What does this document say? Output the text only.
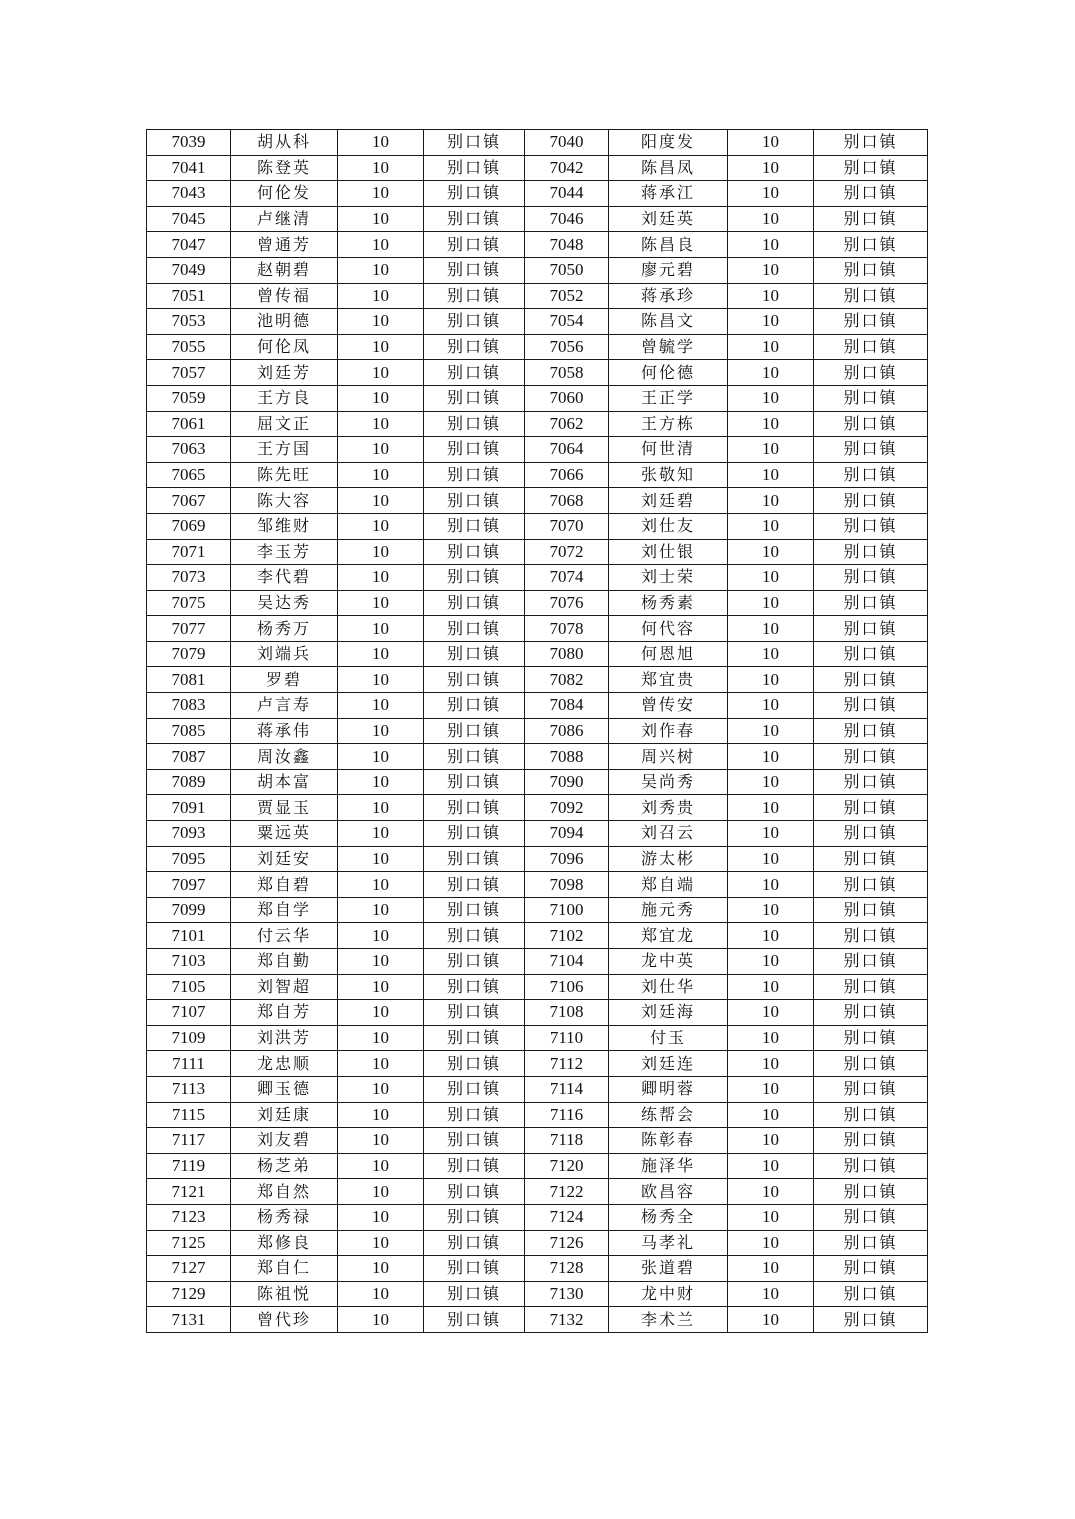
7039	胡从科	10	别口镇	7040	阳度发	10	别口镇
7041	陈登英	10	别口镇	7042	陈昌凤	10	别口镇
7043	何伦发	10	别口镇	7044	蒋承江	10	别口镇
7045	卢继清	10	别口镇	7046	刘廷英	10	别口镇
7047	曾通芳	10	别口镇	7048	陈昌良	10	别口镇
7049	赵朝碧	10	别口镇	7050	廖元碧	10	别口镇
7051	曾传福	10	别口镇	7052	蒋承珍	10	别口镇
7053	池明德	10	别口镇	7054	陈昌文	10	别口镇
7055	何伦凤	10	别口镇	7056	曾毓学	10	别口镇
7057	刘廷芳	10	别口镇	7058	何伦德	10	别口镇
7059	王方良	10	别口镇	7060	王正学	10	别口镇
7061	屈文正	10	别口镇	7062	王方栋	10	别口镇
7063	王方国	10	别口镇	7064	何世清	10	别口镇
7065	陈先旺	10	别口镇	7066	张敬知	10	别口镇
7067	陈大容	10	别口镇	7068	刘廷碧	10	别口镇
7069	邹维财	10	别口镇	7070	刘仕友	10	别口镇
7071	李玉芳	10	别口镇	7072	刘仕银	10	别口镇
7073	李代碧	10	别口镇	7074	刘士荣	10	别口镇
7075	吴达秀	10	别口镇	7076	杨秀素	10	别口镇
7077	杨秀万	10	别口镇	7078	何代容	10	别口镇
7079	刘端兵	10	别口镇	7080	何恩旭	10	别口镇
7081	罗碧	10	别口镇	7082	郑宜贵	10	别口镇
7083	卢言寿	10	别口镇	7084	曾传安	10	别口镇
7085	蒋承伟	10	别口镇	7086	刘作春	10	别口镇
7087	周汝鑫	10	别口镇	7088	周兴树	10	别口镇
7089	胡本富	10	别口镇	7090	吴尚秀	10	别口镇
7091	贾显玉	10	别口镇	7092	刘秀贵	10	别口镇
7093	粟远英	10	别口镇	7094	刘召云	10	别口镇
7095	刘廷安	10	别口镇	7096	游太彬	10	别口镇
7097	郑自碧	10	别口镇	7098	郑自端	10	别口镇
7099	郑自学	10	别口镇	7100	施元秀	10	别口镇
7101	付云华	10	别口镇	7102	郑宜龙	10	别口镇
7103	郑自勤	10	别口镇	7104	龙中英	10	别口镇
7105	刘智超	10	别口镇	7106	刘仕华	10	别口镇
7107	郑自芳	10	别口镇	7108	刘廷海	10	别口镇
7109	刘洪芳	10	别口镇	7110	付玉	10	别口镇
7111	龙忠顺	10	别口镇	7112	刘廷连	10	别口镇
7113	卿玉德	10	别口镇	7114	卿明蓉	10	别口镇
7115	刘廷康	10	别口镇	7116	练帮会	10	别口镇
7117	刘友碧	10	别口镇	7118	陈彰春	10	别口镇
7119	杨芝弟	10	别口镇	7120	施泽华	10	别口镇
7121	郑自然	10	别口镇	7122	欧昌容	10	别口镇
7123	杨秀禄	10	别口镇	7124	杨秀全	10	别口镇
7125	郑修良	10	别口镇	7126	马孝礼	10	别口镇
7127	郑自仁	10	别口镇	7128	张道碧	10	别口镇
7129	陈祖悦	10	别口镇	7130	龙中财	10	别口镇
7131	曾代珍	10	别口镇	7132	李术兰	10	别口镇
